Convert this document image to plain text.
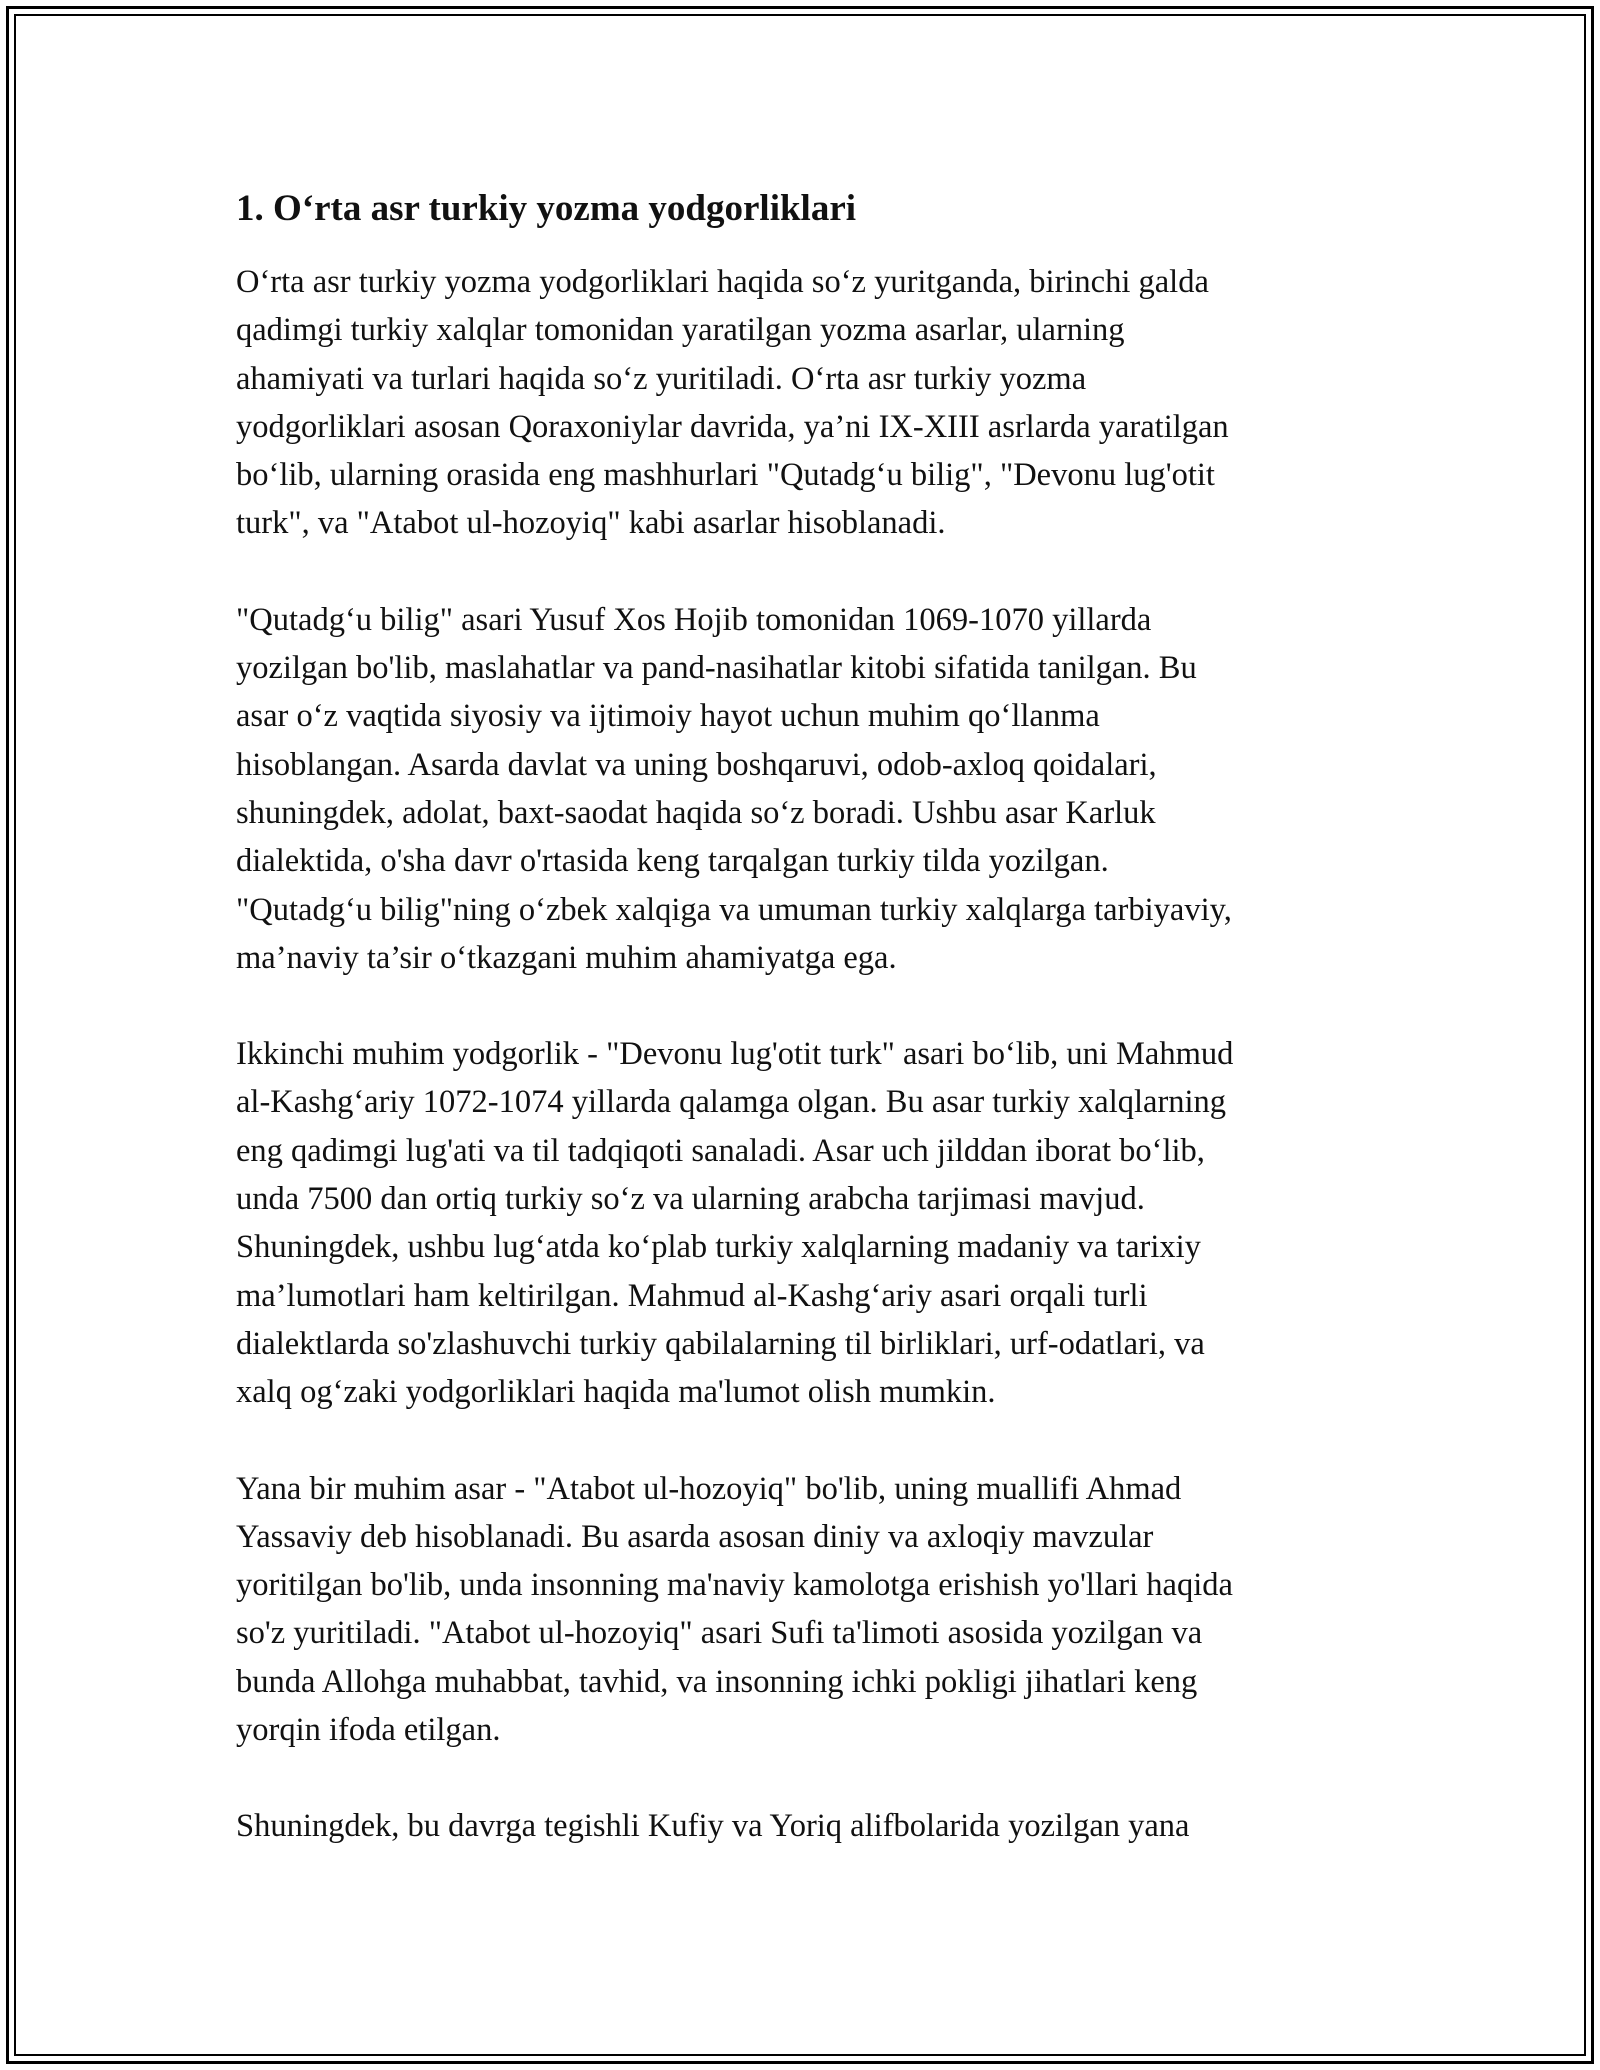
1. O‘rta asr turkiy yozma yodgorliklari

O‘rta asr turkiy yozma yodgorliklari haqida so‘z yuritganda, birinchi galda
qadimgi turkiy xalqlar tomonidan yaratilgan yozma asarlar, ularning
ahamiyati va turlari haqida so‘z yuritiladi. O‘rta asr turkiy yozma
yodgorliklari asosan Qoraxoniylar davrida, ya’ni IX-XIII asrlarda yaratilgan
bo‘lib, ularning orasida eng mashhurlari "Qutadg‘u bilig", "Devonu lug'otit
turk", va "Atabot ul-hozoyiq" kabi asarlar hisoblanadi.

"Qutadg‘u bilig" asari Yusuf Xos Hojib tomonidan 1069-1070 yillarda
yozilgan bo'lib, maslahatlar va pand-nasihatlar kitobi sifatida tanilgan. Bu
asar o‘z vaqtida siyosiy va ijtimoiy hayot uchun muhim qo‘llanma
hisoblangan. Asarda davlat va uning boshqaruvi, odob-axloq qoidalari,
shuningdek, adolat, baxt-saodat haqida so‘z boradi. Ushbu asar Karluk
dialektida, o'sha davr o'rtasida keng tarqalgan turkiy tilda yozilgan.
"Qutadg‘u bilig"ning o‘zbek xalqiga va umuman turkiy xalqlarga tarbiyaviy,
ma’naviy ta’sir o‘tkazgani muhim ahamiyatga ega.

Ikkinchi muhim yodgorlik - "Devonu lug'otit turk" asari bo‘lib, uni Mahmud
al-Kashg‘ariy 1072-1074 yillarda qalamga olgan. Bu asar turkiy xalqlarning
eng qadimgi lug'ati va til tadqiqoti sanaladi. Asar uch jilddan iborat bo‘lib,
unda 7500 dan ortiq turkiy so‘z va ularning arabcha tarjimasi mavjud.
Shuningdek, ushbu lug‘atda ko‘plab turkiy xalqlarning madaniy va tarixiy
ma’lumotlari ham keltirilgan. Mahmud al-Kashg‘ariy asari orqali turli
dialektlarda so'zlashuvchi turkiy qabilalarning til birliklari, urf-odatlari, va
xalq og‘zaki yodgorliklari haqida ma'lumot olish mumkin.

Yana bir muhim asar - "Atabot ul-hozoyiq" bo'lib, uning muallifi Ahmad
Yassaviy deb hisoblanadi. Bu asarda asosan diniy va axloqiy mavzular
yoritilgan bo'lib, unda insonning ma'naviy kamolotga erishish yo'llari haqida
so'z yuritiladi. "Atabot ul-hozoyiq" asari Sufi ta'limoti asosida yozilgan va
bunda Allohga muhabbat, tavhid, va insonning ichki pokligi jihatlari keng
yorqin ifoda etilgan.

Shuningdek, bu davrga tegishli Kufiy va Yoriq alifbolarida yozilgan yana
